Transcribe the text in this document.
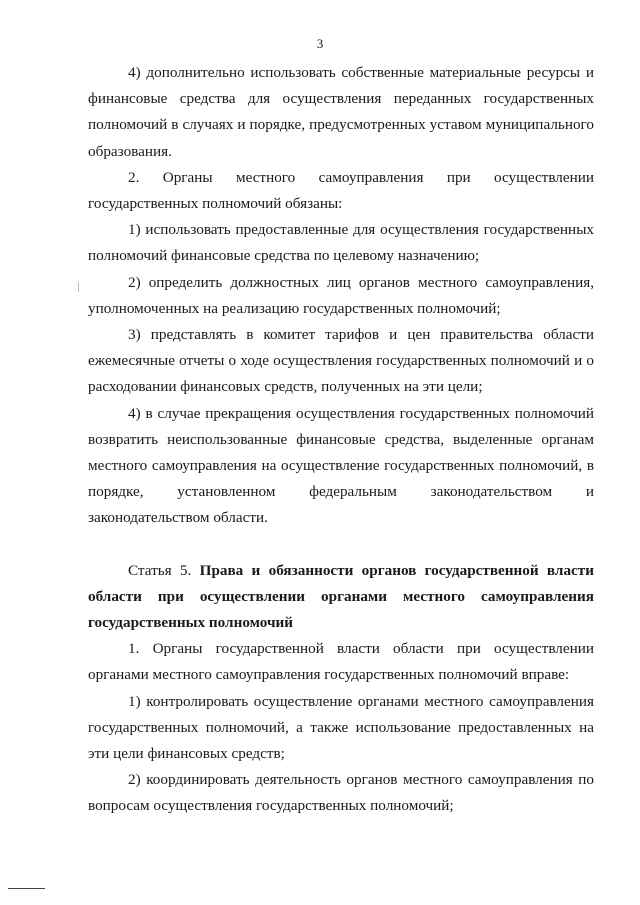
3

4) дополнительно использовать собственные материальные ресурсы и финансовые средства для осуществления переданных государственных полномочий в случаях и порядке, предусмотренных уставом муниципального образования.

2. Органы местного самоуправления при осуществлении государственных полномочий обязаны:

1) использовать предоставленные для осуществления государственных полномочий финансовые средства по целевому назначению;

2) определить должностных лиц органов местного самоуправления, уполномоченных на реализацию государственных полномочий;

3) представлять в комитет тарифов и цен правительства области ежемесячные отчеты о ходе осуществления государственных полномочий и о расходовании финансовых средств, полученных на эти цели;

4) в случае прекращения осуществления государственных полномочий возвратить неиспользованные финансовые средства, выделенные органам местного самоуправления на осуществление государственных полномочий, в порядке, установленном федеральным законодательством и законодательством области.

Статья 5. Права и обязанности органов государственной власти области при осуществлении органами местного самоуправления государственных полномочий

1. Органы государственной власти области при осуществлении органами местного самоуправления государственных полномочий вправе:

1) контролировать осуществление органами местного самоуправления государственных полномочий, а также использование предоставленных на эти цели финансовых средств;

2) координировать деятельность органов местного самоуправления по вопросам осуществления государственных полномочий;
